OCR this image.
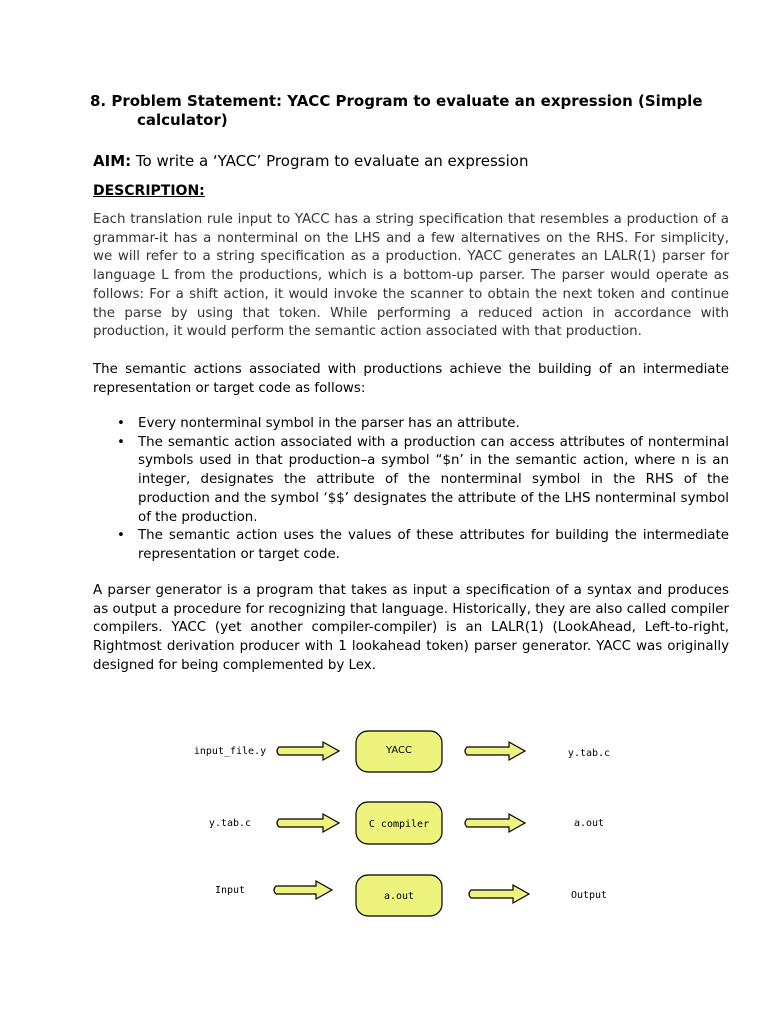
8. Problem Statement: YACC Program to evaluate an expression (Simple
calculator)
AIM: To write a ‘YACC’ Program to evaluate an expression
DESCRIPTION:

Each translation rule input to YACC has a string specification that resembles a production of a grammar-it has a nonterminal on the LHS and a few alternatives on the RHS. For simplicity, we will refer to a string specification as a production. YACC generates an LALR(1) parser for language L from the productions, which is a bottom-up parser. The parser would operate as follows: For a shift action, it would invoke the scanner to obtain the next token and continue the parse by using that token. While performing a reduced action in accordance with production, it would perform the semantic action associated with that production.

The semantic actions associated with productions achieve the building of an intermediate representation or target code as follows:

• Every nonterminal symbol in the parser has an attribute.
• The semantic action associated with a production can access attributes of nonterminal symbols used in that production–a symbol “$n’ in the semantic action, where n is an integer, designates the attribute of the nonterminal symbol in the RHS of the production and the symbol ‘$$’ designates the attribute of the LHS nonterminal symbol of the production.
• The semantic action uses the values of these attributes for building the intermediate representation or target code.

A parser generator is a program that takes as input a specification of a syntax and produces as output a procedure for recognizing that language. Historically, they are also called compiler compilers. YACC (yet another compiler-compiler) is an LALR(1) (LookAhead, Left-to-right, Rightmost derivation producer with 1 lookahead token) parser generator. YACC was originally designed for being complemented by Lex.

input_file.y	YACC	y.tab.c
y.tab.c	C compiler	a.out
Input
a.out	Output
